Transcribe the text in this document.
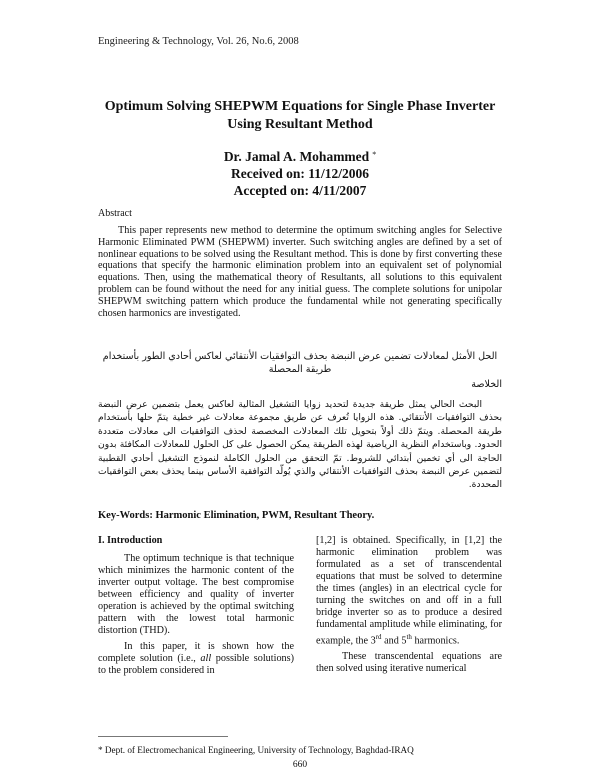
Engineering & Technology, Vol. 26, No.6, 2008
Optimum Solving SHEPWM Equations for Single Phase Inverter
Using Resultant Method
Dr. Jamal A. Mohammed *
Received on: 11/12/2006
Accepted on: 4/11/2007
Abstract
This paper represents new method to determine the optimum switching angles for Selective Harmonic Eliminated PWM (SHEPWM) inverter. Such switching angles are defined by a set of nonlinear equations to be solved using the Resultant method. This is done by first converting these equations that specify the harmonic elimination problem into an equivalent set of polynomial equations. Then, using the mathematical theory of Resultants, all solutions to this equivalent problem can be found without the need for any initial guess. The complete solutions for unipolar SHEPWM switching pattern which produce the fundamental while not generating specifically chosen harmonics are investigated.
الحل الأمثل لمعادلات تضمين عرض النبضة بحذف التوافقيات الأنتقائي لعاكس أحادي الطور بأستخدام طريقة المحصلة
الخلاصة
البحث الحالي يمثل طريقة جديدة لتحديد زوايا التشغيل المثالية لعاكس يعمل بتضمين عرض النبضة بحذف التوافقيات الأنتقائي. هذه الزوايا تُعرف عن طريق مجموعة معادلات غير خطية يتمّ حلها بأستخدام طريقة المحصلة. ويتمّ ذلك أولاً بتحويل تلك المعادلات المخصصة لحذف التوافقيات الى معادلات متعددة الحدود. وباستخدام النظرية الرياضية لهذه الطريقة يمكن الحصول على كل الحلول للمعادلات المكافئة بدون الحاجة الى أي تخمين أبتدائي للشروط. تمّ التحقق من الحلول الكاملة لنموذج التشغيل أحادي القطبية لتضمين عرض النبضة بحذف التوافقيات الأنتقائي والذي يُولّد التوافقية الأساس بينما يحذف بعض التوافقيات المحددة.
Key-Words: Harmonic Elimination, PWM, Resultant Theory.
I. Introduction

The optimum technique is that technique which minimizes the harmonic content of the inverter output voltage. The best compromise between efficiency and quality of inverter operation is achieved by the optimal switching pattern with the lowest total harmonic distortion (THD).

In this paper, it is shown how the complete solution (i.e., all possible solutions) to the problem considered in

[1,2] is obtained. Specifically, in [1,2] the harmonic elimination problem was formulated as a set of transcendental equations that must be solved to determine the times (angles) in an electrical cycle for turning the switches on and off in a full bridge inverter so as to produce a desired fundamental amplitude while eliminating, for example, the 3rd and 5th harmonics.

These transcendental equations are then solved using iterative numerical

* Dept. of Electromechanical Engineering, University of Technology, Baghdad-IRAQ
660
